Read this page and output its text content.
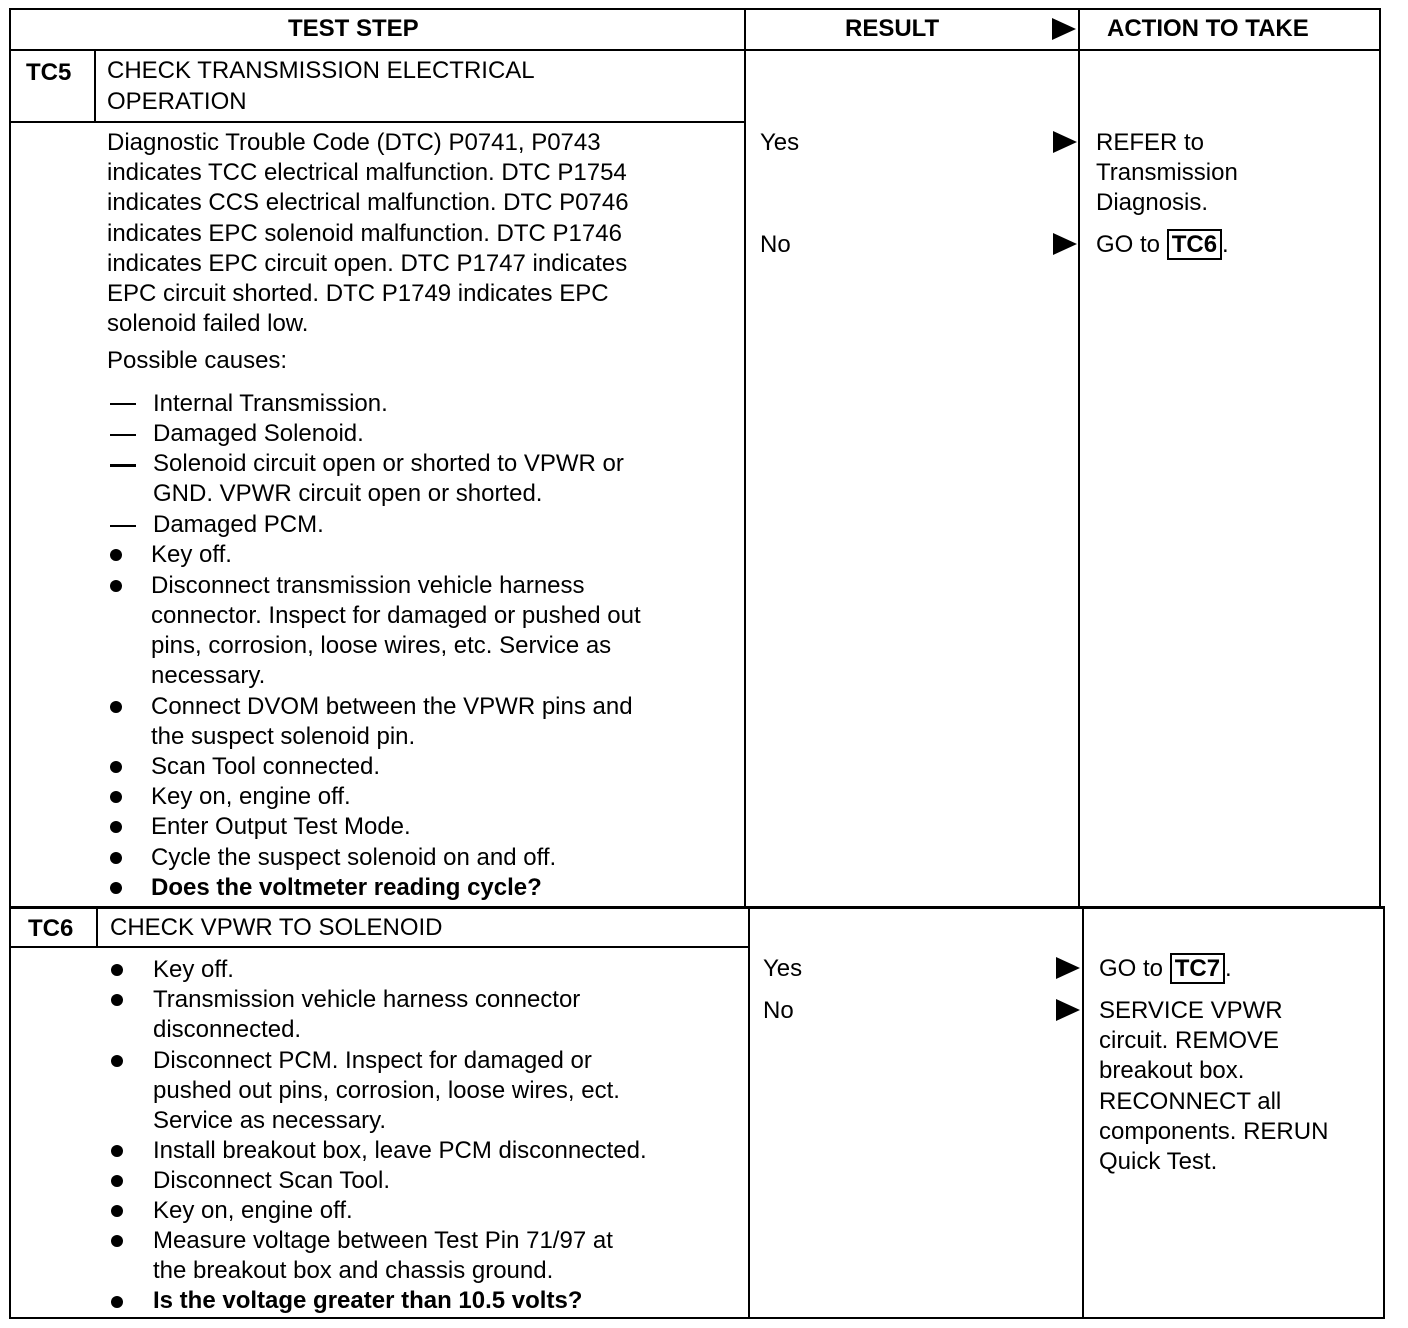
TEST STEP	RESULT	ACTION TO TAKE
TC5 CHECK TRANSMISSION ELECTRICAL
OPERATION
Diagnostic Trouble Code (DTC) P0741, P0743
indicates TCC electrical malfunction. DTC P1754
indicates CCS electrical malfunction. DTC P0746
indicates EPC solenoid malfunction. DTC P1746
indicates EPC circuit open. DTC P1747 indicates
EPC circuit shorted. DTC P1749 indicates EPC
solenoid failed low.
Possible causes:
Internal Transmission.
Damaged Solenoid.
Solenoid circuit open or shorted to VPWR or
GND. VPWR circuit open or shorted.
Damaged PCM.
Key off.
Disconnect transmission vehicle harness
connector. Inspect for damaged or pushed out
pins, corrosion, loose wires, etc. Service as
necessary.
Connect DVOM between the VPWR pins and
the suspect solenoid pin.
Scan Tool connected.
Key on, engine off.
Enter Output Test Mode.
Cycle the suspect solenoid on and off.
Does the voltmeter reading cycle?
Yes
No
REFER to
Transmission
Diagnosis.
GO to TC6 .
TC6 CHECK VPWR TO SOLENOID
Key off.
Transmission vehicle harness connector
disconnected.
Disconnect PCM. Inspect for damaged or
pushed out pins, corrosion, loose wires, ect.
Service as necessary.
Install breakout box, leave PCM disconnected.
Disconnect Scan Tool.
Key on, engine off.
Measure voltage between Test Pin 71/97 at
the breakout box and chassis ground.
Is the voltage greater than 10.5 volts?
Yes
No
GO to TC7 .
SERVICE VPWR
circuit. REMOVE
breakout box.
RECONNECT all
components. RERUN
Quick Test.
